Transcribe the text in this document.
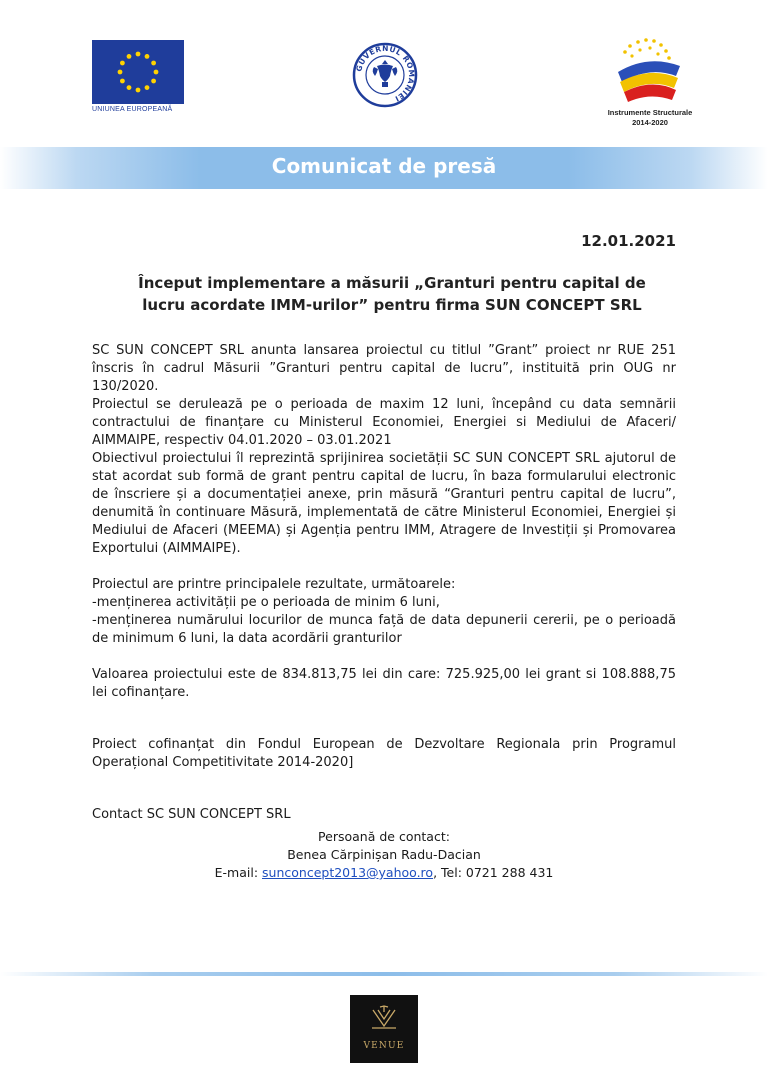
UNIUNEA EUROPEANĂ
GUVERNUL ROMÂNIEI
Instrumente Structurale
2014-2020
Comunicat de presă
12.01.2021
Început implementare a măsurii „Granturi pentru capital de
lucru acordate IMM-urilor” pentru firma SUN CONCEPT SRL

SC SUN CONCEPT SRL anunta lansarea proiectul cu titlul ”Grant” proiect nr RUE 251 înscris în cadrul Măsurii ”Granturi pentru capital de lucru”, instituită prin OUG nr 130/2020.

Proiectul se derulează pe o perioada de maxim 12 luni, începând cu data semnării contractului de finanțare cu Ministerul Economiei, Energiei si Mediului de Afaceri/ AIMMAIPE, respectiv 04.01.2020 – 03.01.2021

Obiectivul proiectului îl reprezintă sprijinirea societății SC SUN CONCEPT SRL ajutorul de stat acordat sub formă de grant pentru capital de lucru, în baza formularului electronic de înscriere și a documentației anexe, prin măsură “Granturi pentru capital de lucru”, denumită în continuare Măsură, implementată de către Ministerul Economiei, Energiei și Mediului de Afaceri (MEEMA) și Agenția pentru IMM, Atragere de Investiții și Promovarea Exportului (AIMMAIPE).

Proiectul are printre principalele rezultate, următoarele:

-menținerea activității pe o perioada de minim 6 luni,

-menținerea numărului locurilor de munca față de data depunerii cererii, pe o perioadă de minimum 6 luni, la data acordării granturilor

Valoarea proiectului este de 834.813,75 lei din care: 725.925,00 lei grant si 108.888,75 lei cofinanțare.

Proiect cofinanțat din Fondul European de Dezvoltare Regionala prin Programul Operațional Competitivitate 2014-2020]

Contact SC SUN CONCEPT SRL

Persoană de contact:
Benea Cărpinișan Radu-Dacian
E-mail: sunconcept2013@yahoo.ro, Tel: 0721 288 431
VENUE
